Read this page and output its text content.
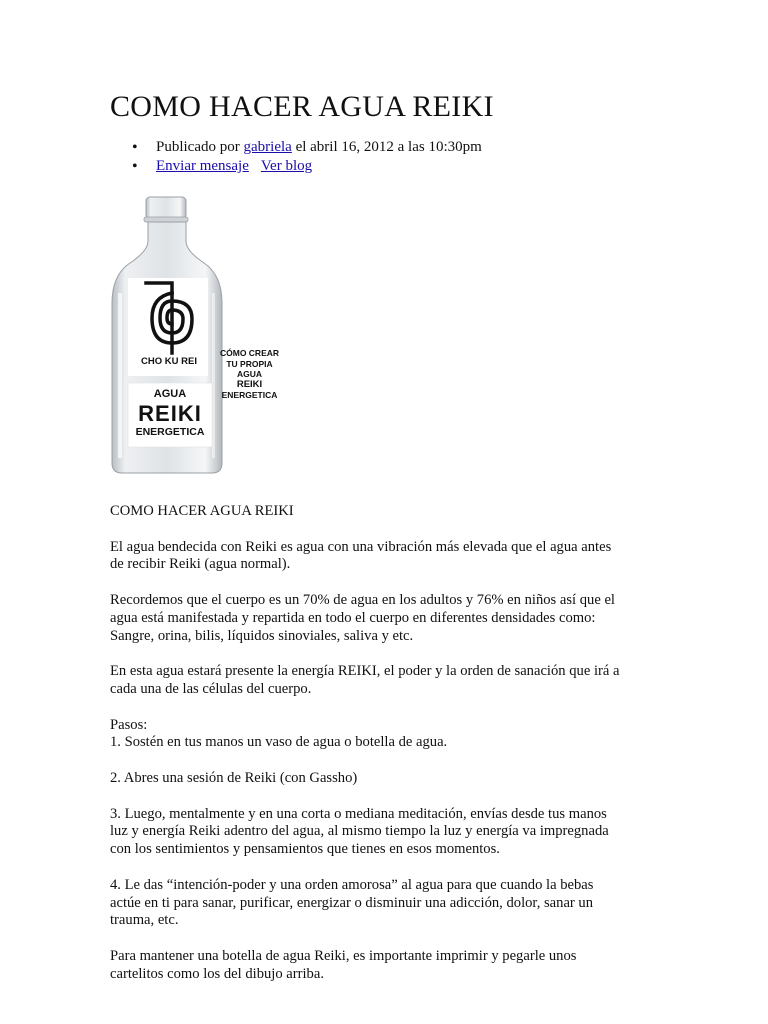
COMO HACER AGUA REIKI
• Publicado por gabriela el abril 16, 2012 a las 10:30pm
• Enviar mensaje Ver blog
CHO KU REI
AGUA
REIKI
ENERGETICA
CÓMO CREAR
TU PROPIA
AGUA
REIKI
ENERGETICA

COMO HACER AGUA REIKI

El agua bendecida con Reiki es agua con una vibración más elevada que el agua antes

de recibir Reiki (agua normal).

Recordemos que el cuerpo es un 70% de agua en los adultos y 76% en niños así que el

agua está manifestada y repartida en todo el cuerpo en diferentes densidades como:

Sangre, orina, bilis, líquidos sinoviales, saliva y etc.

En esta agua estará presente la energía REIKI, el poder y la orden de sanación que irá a

cada una de las células del cuerpo.

Pasos:

1. Sostén en tus manos un vaso de agua o botella de agua.

2. Abres una sesión de Reiki (con Gassho)

3. Luego, mentalmente y en una corta o mediana meditación, envías desde tus manos

luz y energía Reiki adentro del agua, al mismo tiempo la luz y energía va impregnada

con los sentimientos y pensamientos que tienes en esos momentos.

4. Le das “intención-poder y una orden amorosa” al agua para que cuando la bebas

actúe en ti para sanar, purificar, energizar o disminuir una adicción, dolor, sanar un

trauma, etc.

Para mantener una botella de agua Reiki, es importante imprimir y pegarle unos

cartelitos como los del dibujo arriba.
